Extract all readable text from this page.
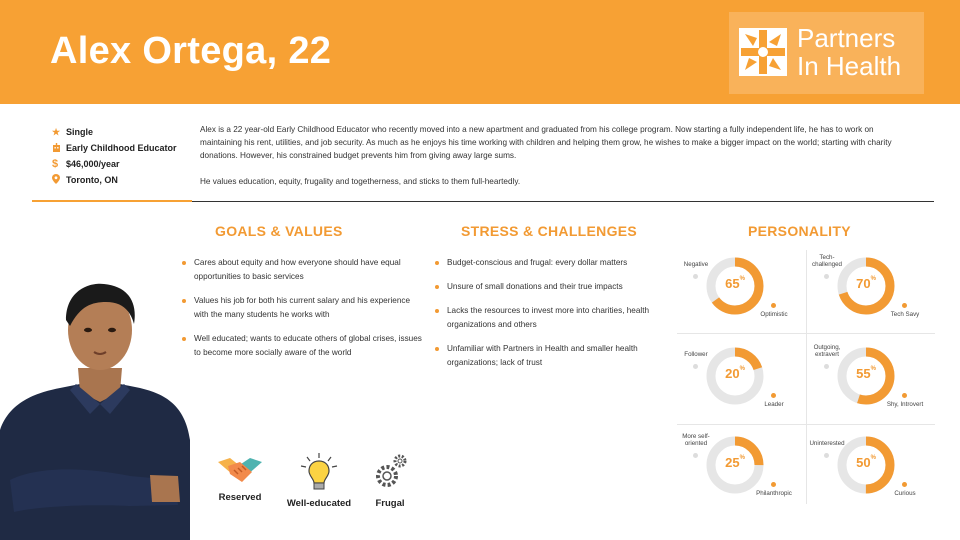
Alex Ortega, 22	Partners
In Health
★ Single
Early Childhood Educator
$ $46,000/year
Toronto, ON

Alex is a 22 year-old Early Childhood Educator who recently moved into a new apartment and graduated from his college program. Now starting a fully independent life, he has to work on maintaining his rent, utilities, and job security. As much as he enjoys his time working with children and helping them grow, he wishes to make a bigger impact on the world; starting with charity donations. However, his constrained budget prevents him from giving away large sums.

He values education, equity, frugality and togetherness, and sticks to them full-heartedly.

GOALS & VALUES
Cares about equity and how everyone should have equal opportunities to basic services
Values his job for both his current salary and his experience with the many students he works with
Well educated; wants to educate others of global crises, issues to become more socially aware of the world
STRESS & CHALLENGES
Budget-conscious and frugal: every dollar matters
Unsure of small donations and their true impacts
Lacks the resources to invest more into charities, health organizations and others
Unfamiliar with Partners in Health and smaller health organizations; lack of trust
Reserved
Well-educated	Frugal
PERSONALITY
65%
Negative
Optimistic
70%
Tech-
challenged
Tech Savy
20%
Follower
Leader
55%
Outgoing,
extravert
Shy, Introvert
25%
More self-
oriented
Philanthropic
50%
Uninterested
Curious
